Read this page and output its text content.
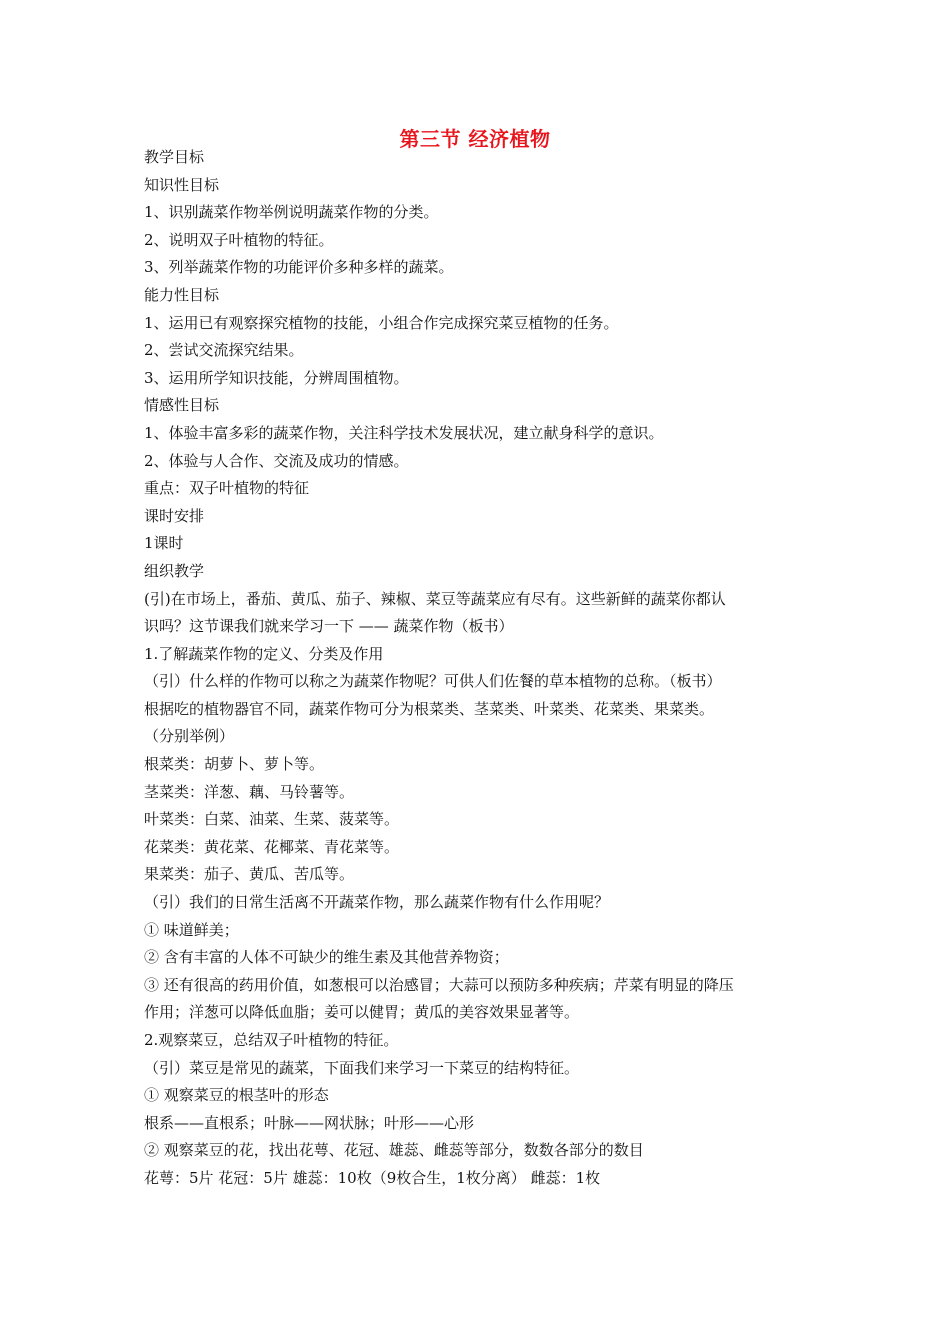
第三节 经济植物
教学目标
知识性目标
1、识别蔬菜作物举例说明蔬菜作物的分类。
2、说明双子叶植物的特征。
3、列举蔬菜作物的功能评价多种多样的蔬菜。
能力性目标
1、运用已有观察探究植物的技能，小组合作完成探究菜豆植物的任务。
2、尝试交流探究结果。
3、运用所学知识技能，分辨周围植物。
情感性目标
1、体验丰富多彩的蔬菜作物，关注科学技术发展状况，建立献身科学的意识。
2、体验与人合作、交流及成功的情感。
重点：双子叶植物的特征
课时安排
1课时
组织教学
(引)在市场上，番茄、黄瓜、茄子、辣椒、菜豆等蔬菜应有尽有。这些新鲜的蔬菜你都认
识吗？这节课我们就来学习一下 —— 蔬菜作物（板书）
1.了解蔬菜作物的定义、分类及作用
（引）什么样的作物可以称之为蔬菜作物呢？可供人们佐餐的草本植物的总称。（板书）
根据吃的植物器官不同，蔬菜作物可分为根菜类、茎菜类、叶菜类、花菜类、果菜类。
（分别举例）
根菜类：胡萝卜、萝卜等。
茎菜类：洋葱、藕、马铃薯等。
叶菜类：白菜、油菜、生菜、菠菜等。
花菜类：黄花菜、花椰菜、青花菜等。
果菜类：茄子、黄瓜、苦瓜等。
（引）我们的日常生活离不开蔬菜作物，那么蔬菜作物有什么作用呢？
① 味道鲜美；
② 含有丰富的人体不可缺少的维生素及其他营养物资；
③ 还有很高的药用价值，如葱根可以治感冒；大蒜可以预防多种疾病；芹菜有明显的降压
作用；洋葱可以降低血脂；姜可以健胃；黄瓜的美容效果显著等。
2.观察菜豆，总结双子叶植物的特征。
（引）菜豆是常见的蔬菜，下面我们来学习一下菜豆的结构特征。
① 观察菜豆的根茎叶的形态
根系——直根系；叶脉——网状脉；叶形——心形
② 观察菜豆的花，找出花萼、花冠、雄蕊、雌蕊等部分，数数各部分的数目
花萼：5片 花冠：5片 雄蕊：10枚（9枚合生，1枚分离） 雌蕊：1枚
